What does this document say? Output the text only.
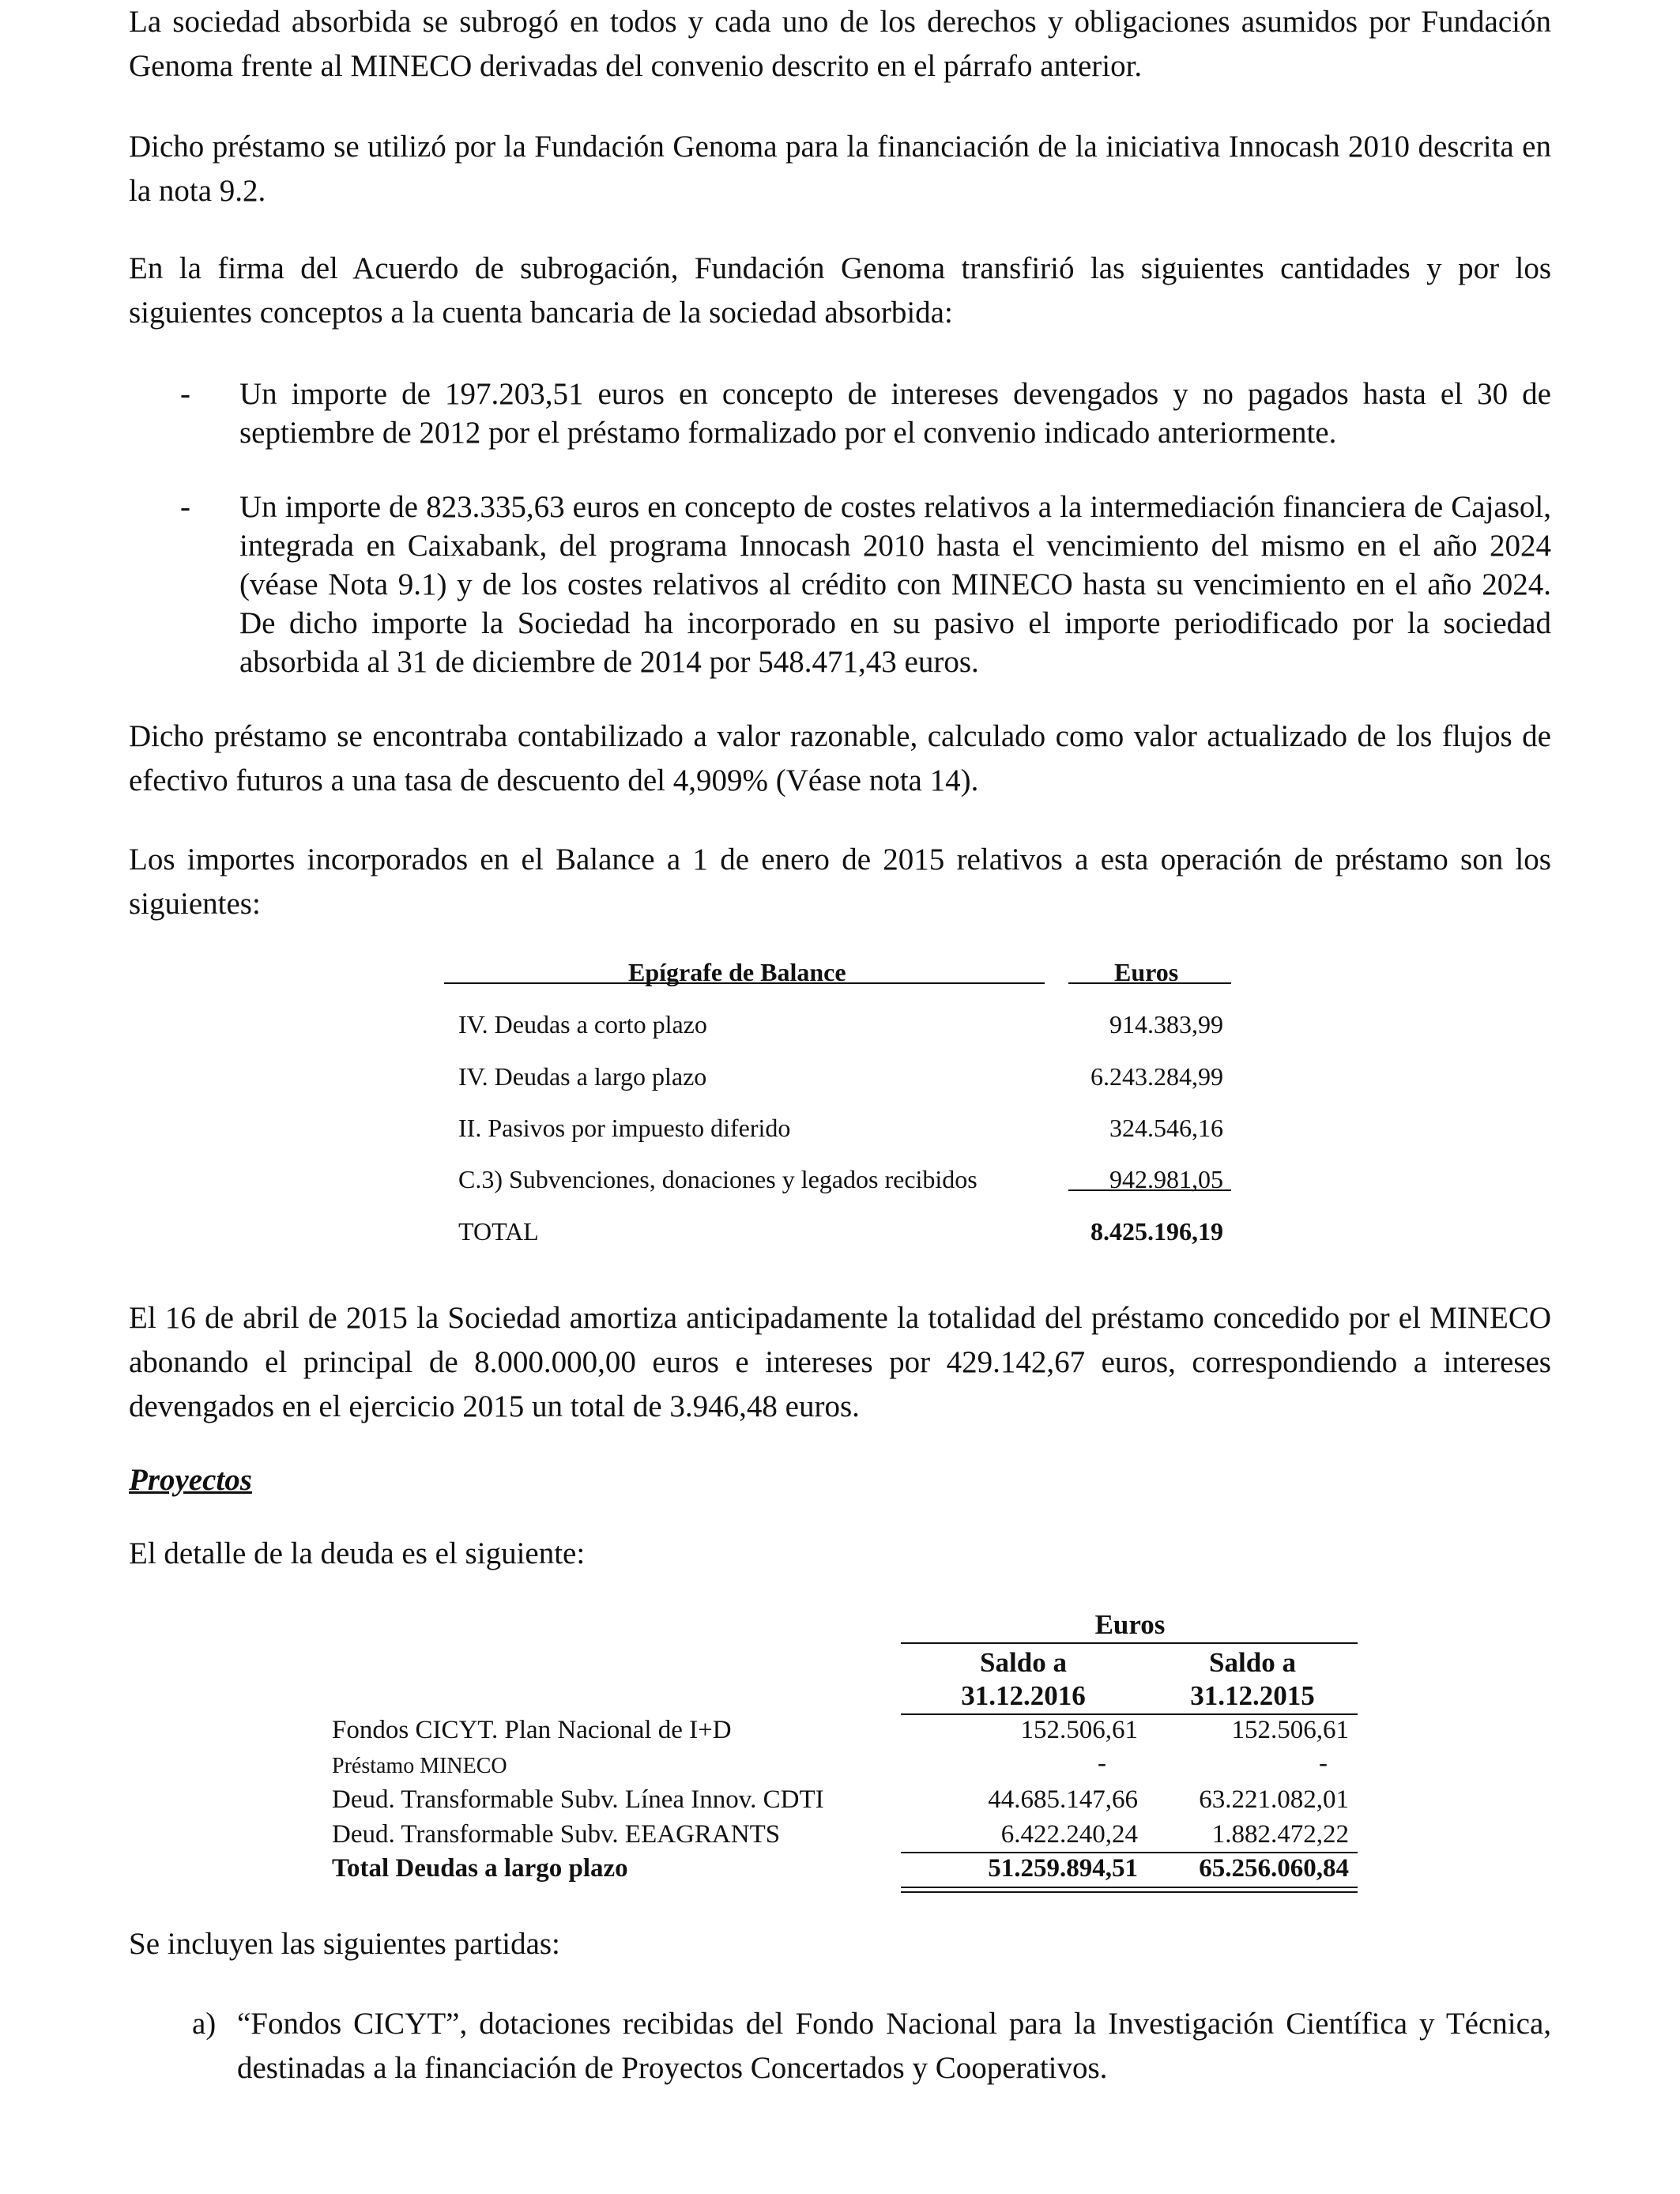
La sociedad absorbida se subrogó en todos y cada uno de los derechos y obligaciones asumidos por Fundación Genoma frente al MINECO derivadas del convenio descrito en el párrafo anterior.

Dicho préstamo se utilizó por la Fundación Genoma para la financiación de la iniciativa Innocash 2010 descrita en la nota 9.2.

En la firma del Acuerdo de subrogación, Fundación Genoma transfirió las siguientes cantidades y por los siguientes conceptos a la cuenta bancaria de la sociedad absorbida:

- Un importe de 197.203,51 euros en concepto de intereses devengados y no pagados hasta el 30 de septiembre de 2012 por el préstamo formalizado por el convenio indicado anteriormente.

- Un importe de 823.335,63 euros en concepto de costes relativos a la intermediación financiera de Cajasol, integrada en Caixabank, del programa Innocash 2010 hasta el vencimiento del mismo en el año 2024 (véase Nota 9.1) y de los costes relativos al crédito con MINECO hasta su vencimiento en el año 2024. De dicho importe la Sociedad ha incorporado en su pasivo el importe periodificado por la sociedad absorbida al 31 de diciembre de 2014 por 548.471,43 euros.

Dicho préstamo se encontraba contabilizado a valor razonable, calculado como valor actualizado de los flujos de efectivo futuros a una tasa de descuento del 4,909% (Véase nota 14).

Los importes incorporados en el Balance a 1 de enero de 2015 relativos a esta operación de préstamo son los siguientes:

Epígrafe de Balance	Euros
IV. Deudas a corto plazo	914.383,99
IV. Deudas a largo plazo	6.243.284,99
II. Pasivos por impuesto diferido	324.546,16
C.3) Subvenciones, donaciones y legados recibidos	942.981,05
TOTAL	8.425.196,19

El 16 de abril de 2015 la Sociedad amortiza anticipadamente la totalidad del préstamo concedido por el MINECO abonando el principal de 8.000.000,00 euros e intereses por 429.142,67 euros, correspondiendo a intereses devengados en el ejercicio 2015 un total de 3.946,48 euros.

Proyectos

El detalle de la deuda es el siguiente:

Euros
Saldo a
31.12.2016
Saldo a
31.12.2015
Fondos CICYT. Plan Nacional de I+D	152.506,61	152.506,61
Préstamo MINECO	-	-
Deud. Transformable Subv. Línea Innov. CDTI	44.685.147,66	63.221.082,01
Deud. Transformable Subv. EEAGRANTS	6.422.240,24	1.882.472,22
Total Deudas a largo plazo	51.259.894,51	65.256.060,84

Se incluyen las siguientes partidas:

a) “Fondos CICYT”, dotaciones recibidas del Fondo Nacional para la Investigación Científica y Técnica, destinadas a la financiación de Proyectos Concertados y Cooperativos.
